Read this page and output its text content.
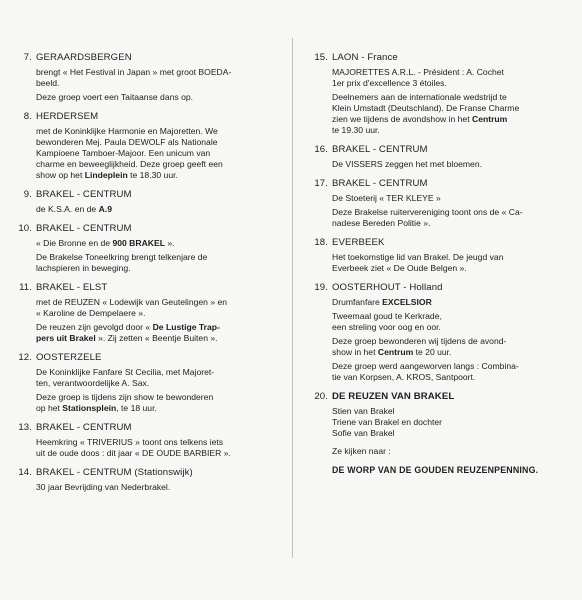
7. GERAARDSBERGEN
brengt « Het Festival in Japan » met groot BOEDA-
beeld.
Deze groep voert een Taitaanse dans op.
8. HERDERSEM
met de Koninklijke Harmonie en Majoretten. We
bewonderen Mej. Paula DEWOLF als Nationale
Kampioene Tamboer-Majoor. Een unicum van
charme en beweeglijkheid. Deze groep geeft een
show op het Lindeplein te 18.30 uur.
9. BRAKEL - CENTRUM
de K.S.A. en de A.9
10. BRAKEL - CENTRUM
« Die Bronne en de 900 BRAKEL ».
De Brakelse Toneelkring brengt telkenjare de
lachspieren in beweging.
11. BRAKEL - ELST
met de REUZEN « Lodewijk van Geutelingen » en
« Karoline de Dempelaere ».
De reuzen zijn gevolgd door « De Lustige Trap-
pers uit Brakel ». Zij zetten « Beentje Buiten ».
12. OOSTERZELE
De Koninklijke Fanfare St Cecilia, met Majoret-
ten, verantwoordelijke A. Sax.
Deze groep is tijdens zijn show te bewonderen
op het Stationsplein, te 18 uur.
13. BRAKEL - CENTRUM
Heemkring « TRIVERIUS » toont ons telkens iets
uit de oude doos : dit jaar « DE OUDE BARBIER ».
14. BRAKEL - CENTRUM (Stationswijk)
30 jaar Bevrijding van Nederbrakel.
15. LAON - France
MAJORETTES A.R.L. - Président : A. Cochet
1er prix d'excellence 3 étoiles.
Deelnemers aan de internationale wedstrijd te
Klein Umstadt (Deutschland). De Franse Charme
zien we tijdens de avondshow in het Centrum
te 19.30 uur.
16. BRAKEL - CENTRUM
De VISSERS zeggen het met bloemen.
17. BRAKEL - CENTRUM
De Stoeterij « TER KLEYE »
Deze Brakelse ruitervereniging toont ons de « Ca-
nadese Bereden Politie ».
18. EVERBEEK
Het toekomstige lid van Brakel. De jeugd van
Everbeek ziet « De Oude Belgen ».
19. OOSTERHOUT - Holland
Drumfanfare EXCELSIOR
Tweemaal goud te Kerkrade,
een streling voor oog en oor.
Deze groep bewonderen wij tijdens de avond-
show in het Centrum te 20 uur.
Deze groep werd aangeworven langs : Combina-
tie van Korpsen, A. KROS, Santpoort.
20. DE REUZEN VAN BRAKEL
Stien van Brakel
Triene van Brakel en dochter
Sofie van Brakel
Ze kijken naar :
DE WORP VAN DE GOUDEN REUZENPENNING.
